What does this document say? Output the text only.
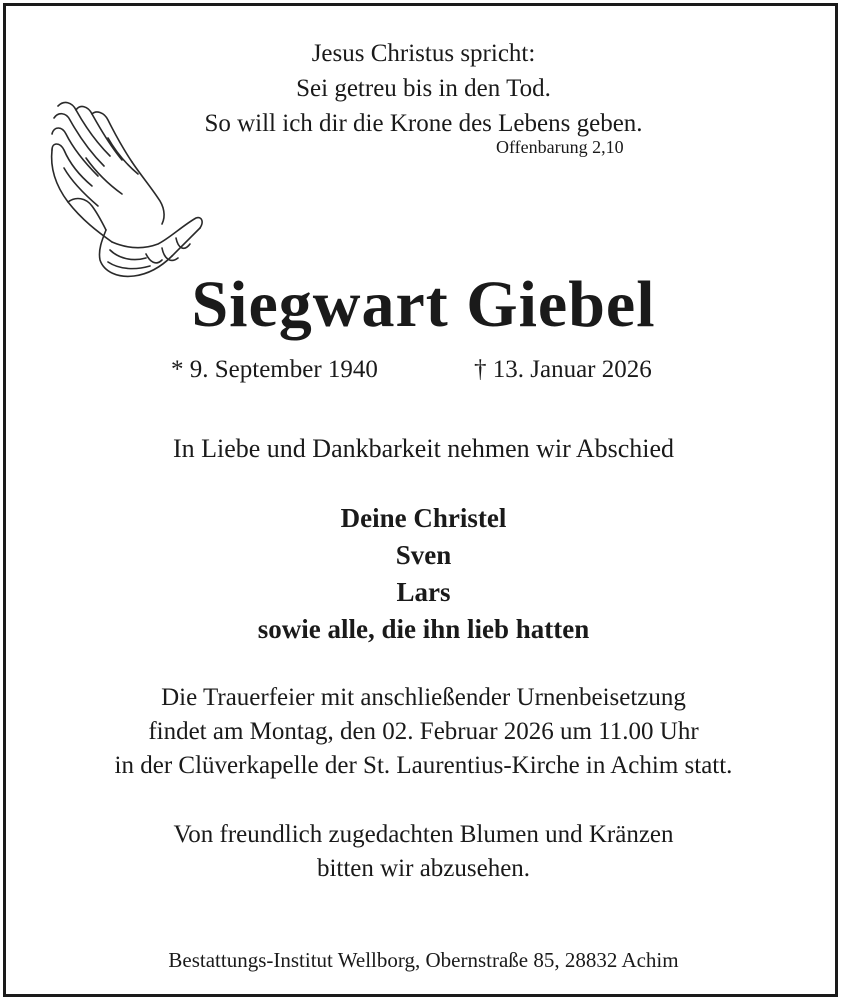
Jesus Christus spricht:
Sei getreu bis in den Tod.
So will ich dir die Krone des Lebens geben.
Offenbarung 2,10
Siegwart Giebel
* 9. September 1940	† 13. Januar 2026
In Liebe und Dankbarkeit nehmen wir Abschied
Deine Christel
Sven
Lars
sowie alle, die ihn lieb hatten
Die Trauerfeier mit anschließender Urnenbeisetzung
findet am Montag, den 02. Februar 2026 um 11.00 Uhr
in der Clüverkapelle der St. Laurentius-Kirche in Achim statt.
Von freundlich zugedachten Blumen und Kränzen
bitten wir abzusehen.
Bestattungs-Institut Wellborg, Obernstraße 85, 28832 Achim
